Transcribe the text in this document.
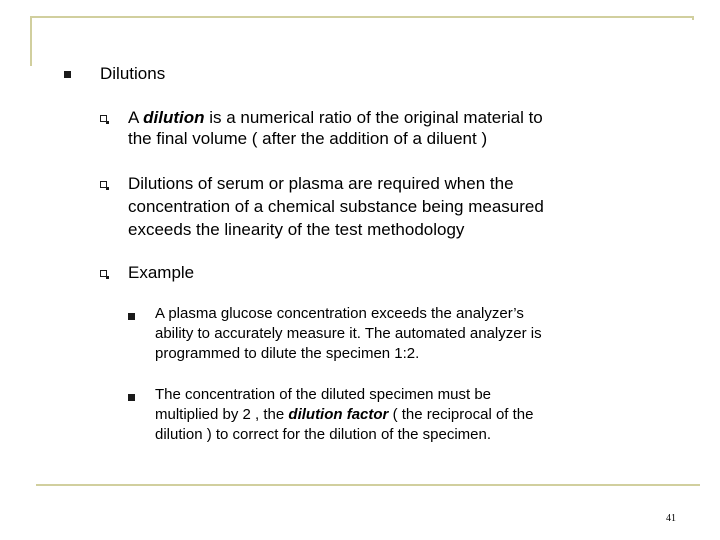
Dilutions
A dilution is a numerical ratio of the original material to
the final volume ( after the addition of a diluent )
Dilutions of serum or plasma are required when the
concentration of a chemical substance being measured
exceeds the linearity of the test methodology
Example
A plasma glucose concentration exceeds the analyzer’s
ability to accurately measure it. The automated analyzer is
programmed to dilute the specimen 1:2.
The concentration of the diluted specimen must be
multiplied by 2 , the dilution factor ( the reciprocal of the
dilution ) to correct for the dilution of the specimen.
41
